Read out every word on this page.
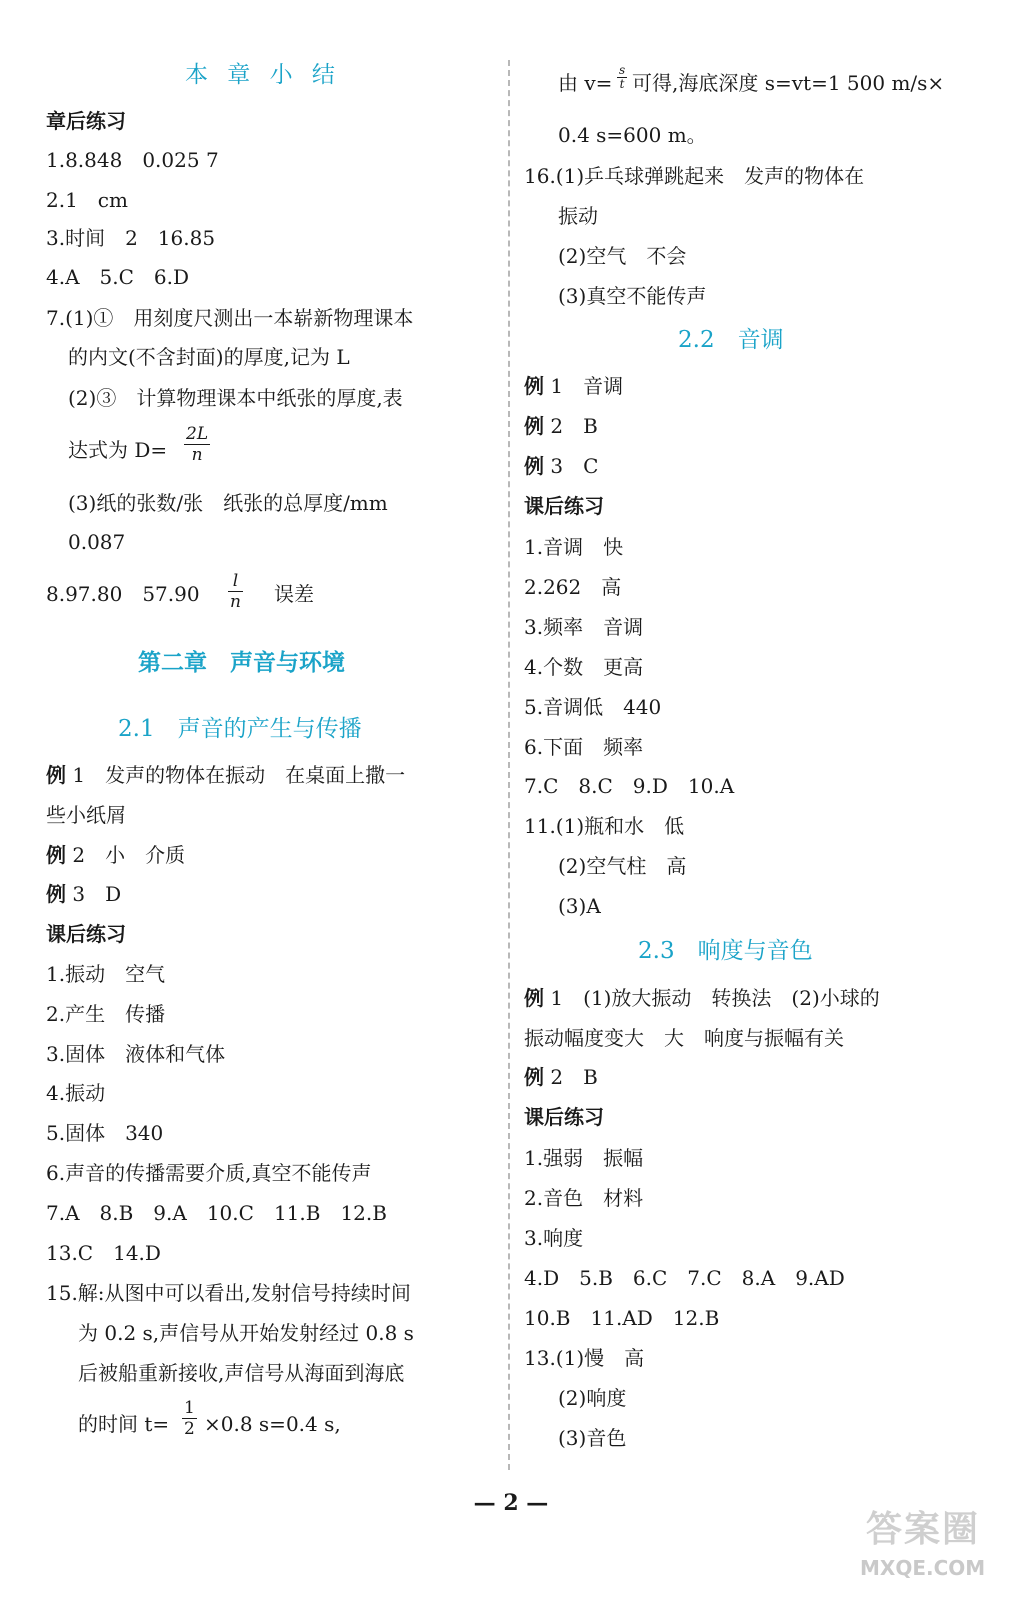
本 章 小 结
章后练习
1.8.848　0.025 7
2.1　cm
3.时间　2　16.85
4.A　5.C　6.D
7.(1)①　用刻度尺测出一本崭新物理课本
的内文(不含封面)的厚度,记为 L
(2)③　计算物理课本中纸张的厚度,表
达式为 $D= \frac{2L}{n}$
(3)纸的张数/张　纸张的总厚度/mm
0.087
8.97.80　$57.90 \frac{l}{n}$ 误差
第二章　声音与环境
2.1　声音的产生与传播
例 1　发声的物体在振动　在桌面上撒一
些小纸屑
例 2　小　介质
例 3　D
课后练习
1.振动　空气
2.产生　传播
3.固体　液体和气体
4.振动
5.固体　340
6.声音的传播需要介质,真空不能传声
7.A　8.B　9.A　10.C　11.B　12.B
13.C　14.D
15.解:从图中可以看出,发射信号持续时间
为 0.2 s,声信号从开始发射经过 0.8 s
后被船重新接收,声信号从海面到海底
的时间 $t= \frac{1}{2} \times 0.8$ s=0.4 s,
由 $v= \frac{s}{t}$ 可得,海底深度 s=vt=1 500 m/s×
0.4 s=600 m。
16.(1)乒乓球弹跳起来　发声的物体在
振动
(2)空气　不会
(3)真空不能传声
2.2　音调
例 1　音调
例 2　B
例 3　C
课后练习
1.音调　快
2.262　高
3.频率　音调
4.个数　更高
5.音调低　440
6.下面　频率
7.C　8.C　9.D　10.A
11.(1)瓶和水　低
(2)空气柱　高
(3)A
2.3　响度与音色
例 1　(1)放大振动　转换法　(2)小球的
振动幅度变大　大　响度与振幅有关
例 2　B
课后练习
1.强弱　振幅
2.音色　材料
3.响度
4.D　5.B　6.C　7.C　8.A　9.AD
10.B　11.AD　12.B
13.(1)慢　高
(2)响度
(3)音色
— 2 —
答案圈
MXQE.COM
